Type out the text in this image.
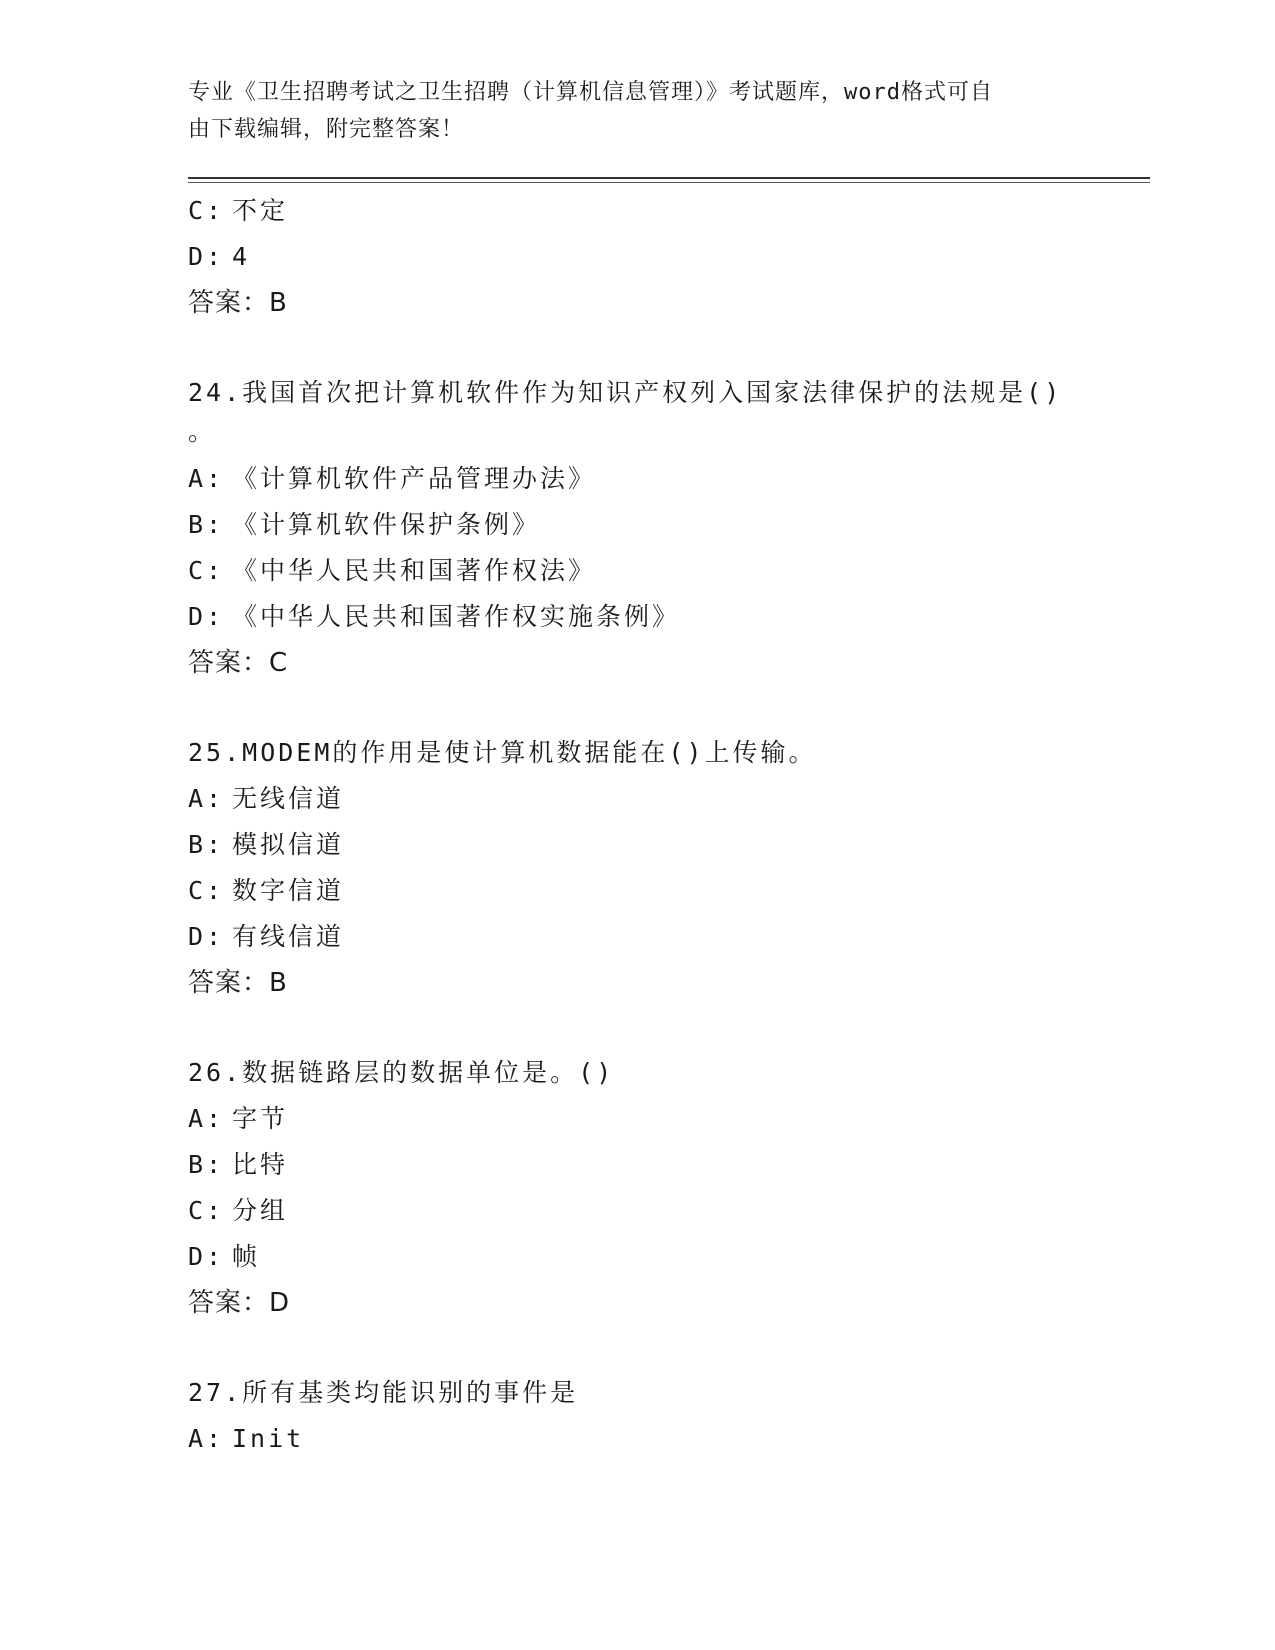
专业《卫生招聘考试之卫生招聘（计算机信息管理）》考试题库，word格式可自
由下载编辑，附完整答案！
C: 不定
D: 4
答案：B
24.我国首次把计算机软件作为知识产权列入国家法律保护的法规是()
。
A: 《计算机软件产品管理办法》
B: 《计算机软件保护条例》
C: 《中华人民共和国著作权法》
D: 《中华人民共和国著作权实施条例》
答案：C
25.MODEM的作用是使计算机数据能在()上传输。
A: 无线信道
B: 模拟信道
C: 数字信道
D: 有线信道
答案：B
26.数据链路层的数据单位是。()
A: 字节
B: 比特
C: 分组
D: 帧
答案：D
27.所有基类均能识别的事件是
A: Init
